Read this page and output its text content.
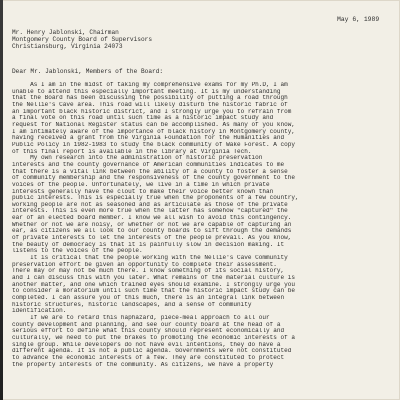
May 6, 1989
Mr. Henry Jablonski, Chairman
Montgomery County Board of Supervisors
Christiansburg, Virginia 24073
Dear Mr. Jablonski, Members of the Board:
As I am in the midst of taking my comprehensive exams for my Ph.D, I am
unable to attend this especially important meeting. It is my understanding
that the Board has been discussing the possibility of putting a road through
the Nellie's Cave area. This road will likely disturb the historic fabric of
an important black historic district, and I strongly urge you to refrain from
a final vote on this road until such time as a historic impact study and
request for National Register status can be accomplished. As many of you know,
I am intimately aware of the importance of black history in Montgomery county,
having received a grant from the Virginia Foundation for the Humanities and
Public Policy in 1982-1983 to study the black community of Wake Forest. A copy
of this final report is available in the library at Virginia Tech.
My own research into the administration of historic preservation
interests and the county governance of American communities indicates to me
that there is a vital link between the ability of a county to foster a sense
of community membership and the responsiveness of the county government to the
voices of the people. Unfortunately, we live in a time in which private
interests generally have the clout to make their voice better known than
public interests. This is especially true when the proponents of a few country,
working people are not as seasoned and as articulate as those of the private
interests. This is even more true when the latter has somehow "captured" the
ear of an elected board member. I know we all wish to avoid this contingency.
Whether or not we are noisy, or whether or not we are capable of capturing an
ear, as citizens we all look to our county boards to sift through the demands
of private interests to let the interests of the people prevail. As you know,
the beauty of democracy is that it is painfully slow in decision making. It
listens to the voices of the people.
It is critical that the people working with the Nellie's Cave Community
preservation effort be given an opportunity to complete their assessment.
There may or may not be much there. I know something of its social history,
and I can discuss this with you later. What remains of the material culture is
another matter, and one which trained eyes should examine. I strongly urge you
to consider a moratorium until such time that the historic impact study can be
completed. I can assure you of this much, there is an integral link between
historic structures, historic landscapes, and a sense of community
identification.
If we are to retard this haphazard, piece-meal approach to all our
county development and planning, and see our county board at the head of a
serious effort to define what this county should represent economically and
culturally, we need to put the brakes to promoting the economic interests of a
single group. While developers do not have evil intentions, they do have a
different agenda. It is not a public agenda. Governments were not constituted
to advance the economic interests of a few. They are constituted to protect
the property interests of the community. As citizens, we have a property
